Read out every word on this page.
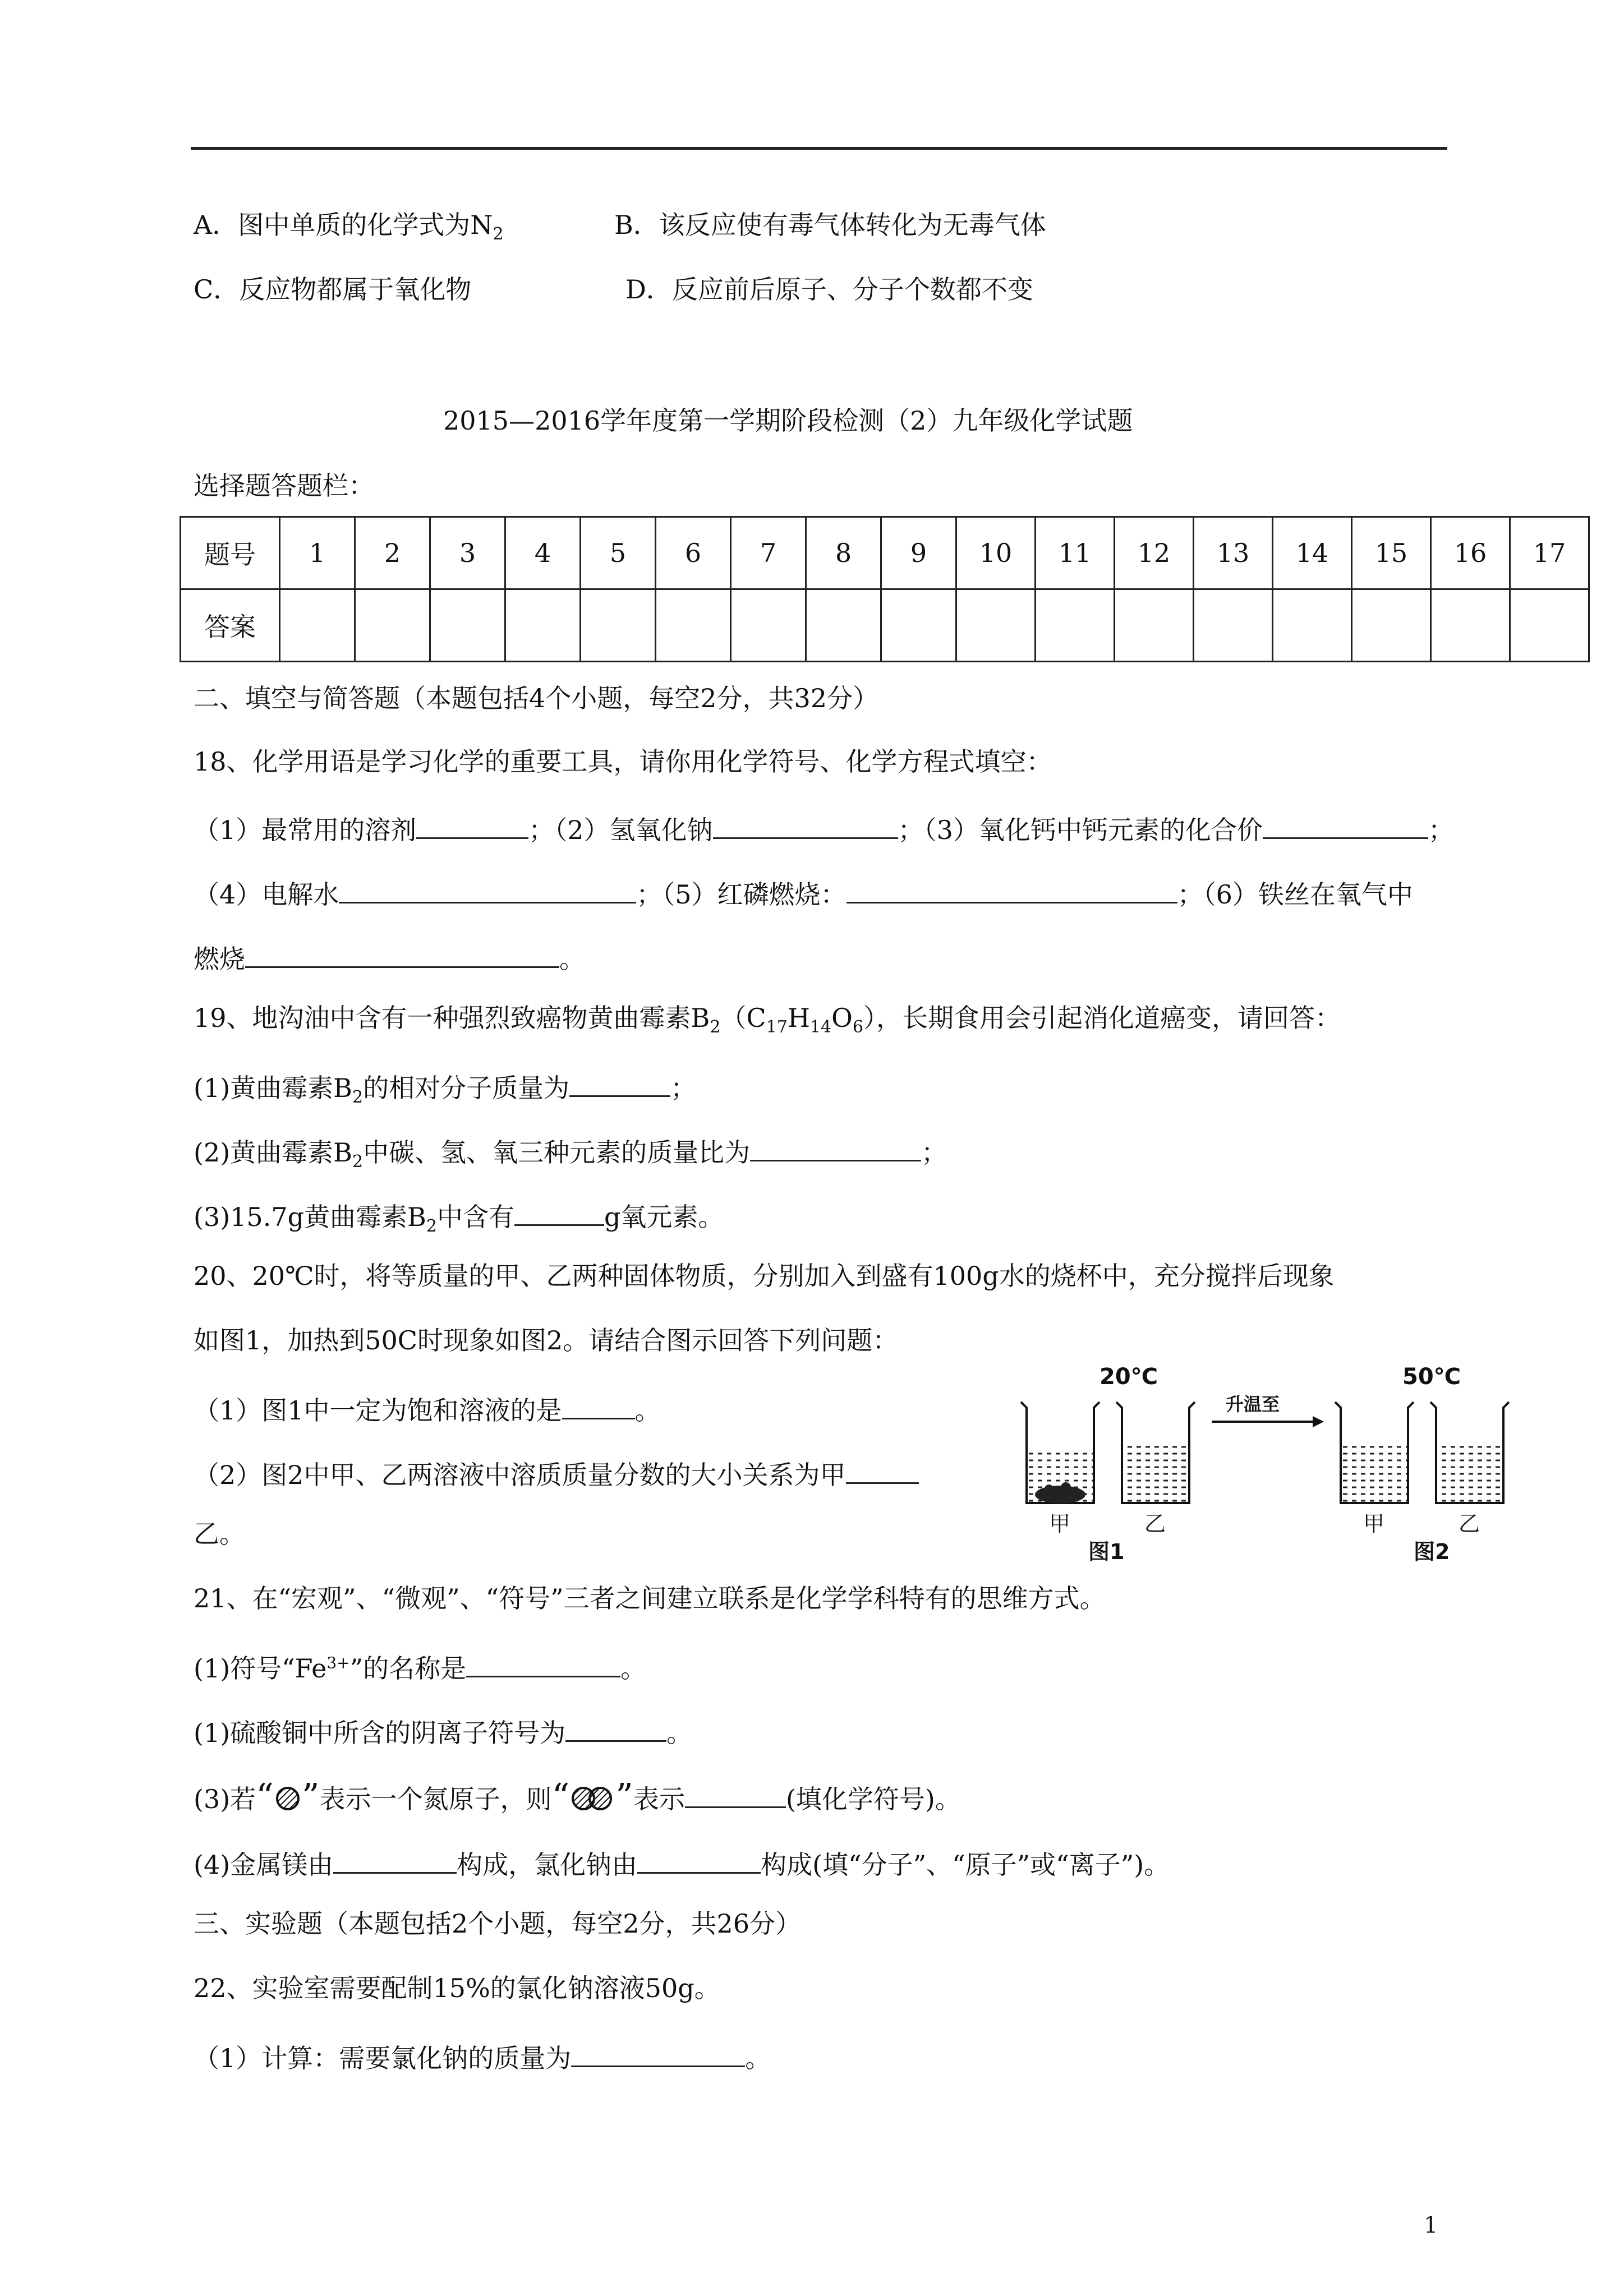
A．图中单质的化学式为$N_2$	B．该反应使有毒气体转化为无毒气体
C．反应物都属于氧化物	D．反应前后原子、分子个数都不变
2015—2016学年度第一学期阶段检测（2）九年级化学试题
选择题答题栏：
题号	1	2	3	4	5	6	7	8	9	10	11	12	13	14	15	16	17
答案																	
二、填空与简答题（本题包括4个小题，每空2分，共32分）
18、化学用语是学习化学的重要工具，请你用化学符号、化学方程式填空：
（1）最常用的溶剂	；（2）氢氧化钠	；（3）氧化钙中钙元素的化合价	；
（4）电解水	；（5）红磷燃烧：	；（6）铁丝在氧气中
燃烧	。
19、地沟油中含有一种强烈致癌物黄曲霉素$B_2(C_{17}H_{14}O_6)$，长期食用会引起消化道癌变，请回答：
(1)黄曲霉素$B_2$的相对分子质量为	；
(2)黄曲霉素$B_2$中碳、氢、氧三种元素的质量比为	；
(3)15.7g黄曲霉素$B_2$中含有	g氧元素。
20、20℃时，将等质量的甲、乙两种固体物质，分别加入到盛有100g水的烧杯中，充分搅拌后现象
如图1，加热到50C时现象如图2。请结合图示回答下列问题：
（1）图1中一定为饱和溶液的是	。
（2）图2中甲、乙两溶液中溶质质量分数的大小关系为甲
乙。
20℃	50℃
升温至
甲	乙	甲	乙
图1	图2
21、在“宏观”、“微观”、“符号”三者之间建立联系是化学学科特有的思维方式。
(1)符号“$Fe^{3+}$”的名称是	。
(1)硫酸铜中所含的阴离子符号为	。
(3)若“ ”表示一个氮原子，则“ ”表示	(填化学符号)。
(4)金属镁由	构成，氯化钠由	构成(填“分子”、“原子”或“离子”)。
三、实验题（本题包括2个小题，每空2分，共26分）
22、实验室需要配制15%的氯化钠溶液50g。
（1）计算：需要氯化钠的质量为	。
1
